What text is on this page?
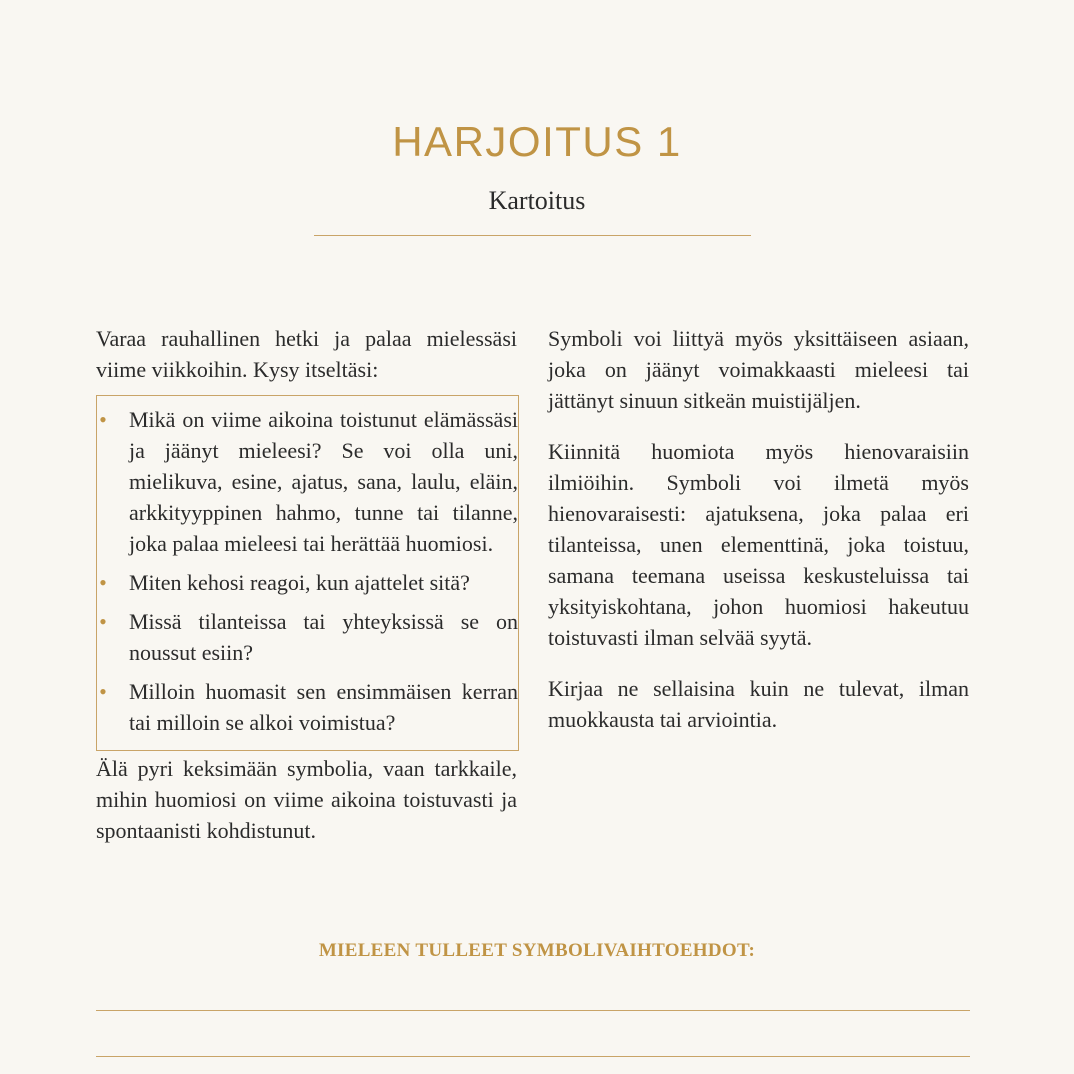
HARJOITUS 1
Kartoitus

Varaa rauhallinen hetki ja palaa mielessäsi viime viikkoihin. Kysy itseltäsi:

• Mikä on viime aikoina toistunut elämässäsi ja jäänyt mieleesi? Se voi olla uni, mielikuva, esine, ajatus, sana, laulu, eläin, arkkityyppinen hahmo, tunne tai tilanne, joka palaa mieleesi tai herättää huomiosi.
• Miten kehosi reagoi, kun ajattelet sitä?
• Missä tilanteissa tai yhteyksissä se on noussut esiin?
• Milloin huomasit sen ensimmäisen kerran tai milloin se alkoi voimistua?

Älä pyri keksimään symbolia, vaan tarkkaile, mihin huomiosi on viime aikoina toistuvasti ja spontaanisti kohdistunut.

Symboli voi liittyä myös yksittäiseen asiaan, joka on jäänyt voimakkaasti mieleesi tai jättänyt sinuun sitkeän muistijäljen.

Kiinnitä huomiota myös hienovaraisiin ilmiöihin. Symboli voi ilmetä myös hienovaraisesti: ajatuksena, joka palaa eri tilanteissa, unen elementtinä, joka toistuu, samana teemana useissa keskusteluissa tai yksityiskohtana, johon huomiosi hakeutuu toistuvasti ilman selvää syytä.

Kirjaa ne sellaisina kuin ne tulevat, ilman muokkausta tai arviointia.

MIELEEN TULLEET SYMBOLIVAIHTOEHDOT:
